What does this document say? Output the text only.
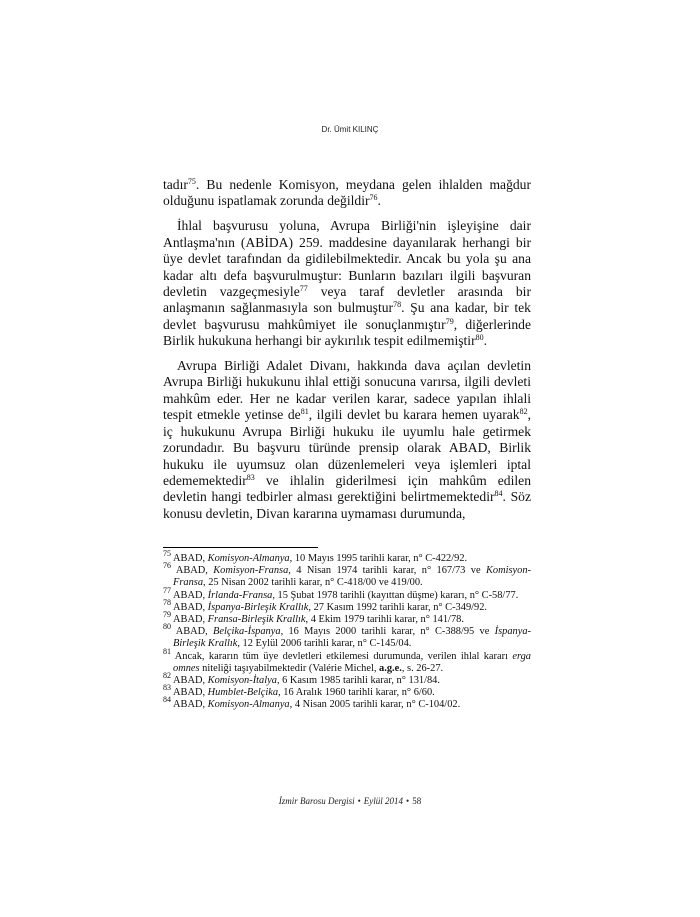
Dr. Ümit KILINÇ

tadır$^{75}$. Bu nedenle Komisyon, meydana gelen ihlalden mağdur olduğunu ispatlamak zorunda değildir$^{76}$.

İhlal başvurusu yoluna, Avrupa Birliği'nin işleyişine dair Antlaşma'nın (ABİDA) 259. maddesine dayanılarak herhangi bir üye devlet tarafından da gidilebilmektedir. Ancak bu yola şu ana kadar altı defa başvurulmuştur: Bunların bazıları ilgili başvuran devletin vazgeçmesiyle$^{77}$ veya taraf devletler arasında bir anlaşmanın sağlanmasıyla son bulmuştur$^{78}$. Şu ana kadar, bir tek devlet başvurusu mahkûmiyet ile sonuçlanmıştır$^{79}$, diğerlerinde Birlik hukukuna herhangi bir aykırılık tespit edilmemiştir$^{80}$.

Avrupa Birliği Adalet Divanı, hakkında dava açılan devletin Avrupa Birliği hukukunu ihlal ettiği sonucuna varırsa, ilgili devleti mahkûm eder. Her ne kadar verilen karar, sadece yapılan ihlali tespit etmekle yetinse $de^{81}$, ilgili devlet bu karara hemen uyarak$^{82}$, iç hukukunu Avrupa Birliği hukuku ile uyumlu hale getirmek zorundadır. Bu başvuru türünde prensip olarak ABAD, Birlik hukuku ile uyumsuz olan düzenlemeleri veya işlemleri iptal edememektedir$^{83}$ ve ihlalin giderilmesi için mahkûm edilen devletin hangi tedbirler alması gerektiğini belirtmemektedir$^{84}$. Söz konusu devletin, Divan kararına uymaması durumunda,

$^{75}$ ABAD, Komisyon-Almanya, 10 Mayıs 1995 tarihli karar, n° C-422/92.
$^{76}$ ABAD, Komisyon-Fransa, 4 Nisan 1974 tarihli karar, n° 167/73 ve Komisyon-Fransa, 25 Nisan 2002 tarihli karar, n° C-418/00 ve 419/00.
$^{77}$ ABAD, İrlanda-Fransa, 15 Şubat 1978 tarihli (kayıttan düşme) kararı, n° C-58/77.
$^{78}$ ABAD, İspanya-Birleşik Krallık, 27 Kasım 1992 tarihli karar, n° C-349/92.
$^{79}$ ABAD, Fransa-Birleşik Krallık, 4 Ekim 1979 tarihli karar, n° 141/78.
$^{80}$ ABAD, Belçika-İspanya, 16 Mayıs 2000 tarihli karar, n° C-388/95 ve İspanya-Birleşik Krallık, 12 Eylül 2006 tarihli karar, n° C-145/04.
$^{81}$ Ancak, kararın tüm üye devletleri etkilemesi durumunda, verilen ihlal kararı erga omnes niteliği taşıyabilmektedir (Valérie Michel, a.g.e., s. 26-27.
$^{82}$ ABAD, Komisyon-İtalya, 6 Kasım 1985 tarihli karar, n° 131/84.
$^{83}$ ABAD, Humblet-Belçika, 16 Aralık 1960 tarihli karar, n° 6/60.
$^{84}$ ABAD, Komisyon-Almanya, 4 Nisan 2005 tarihli karar, n° C-104/02.
İzmir Barosu Dergisi • Eylül 2014 • 58
